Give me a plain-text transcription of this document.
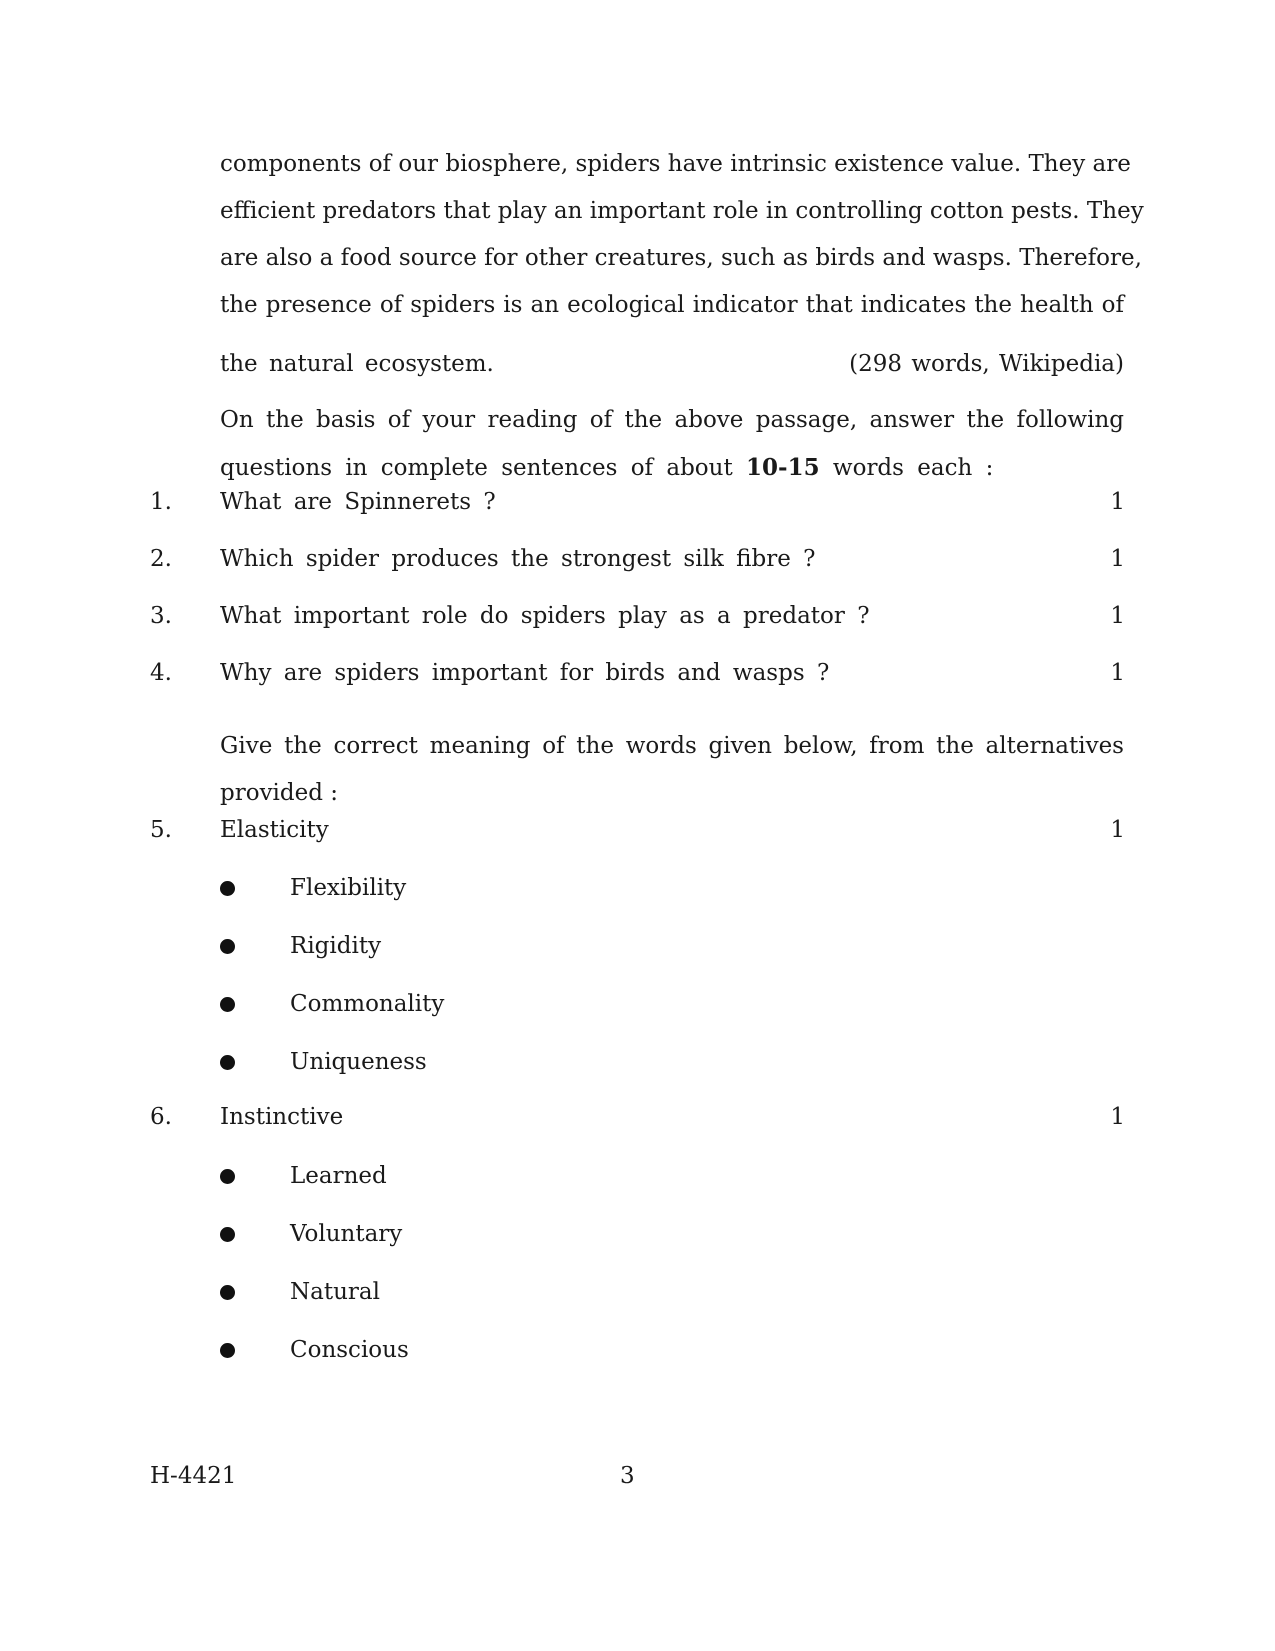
components of our biosphere, spiders have intrinsic existence value. They are
efficient predators that play an important role in controlling cotton pests. They
are also a food source for other creatures, such as birds and wasps. Therefore,
the presence of spiders is an ecological indicator that indicates the health of
the natural ecosystem.	(298 words, Wikipedia)
On the basis of your reading of the above passage, answer the following
questions in complete sentences of about 10-15 words each :
1. What are Spinnerets ?	1
2. Which spider produces the strongest silk fibre ?	1
3. What important role do spiders play as a predator ?	1
4. Why are spiders important for birds and wasps ?	1
Give the correct meaning of the words given below, from the alternatives
provided :
5. Elasticity	1
Flexibility
Rigidity
Commonality
Uniqueness
6. Instinctive	1
Learned
Voluntary
Natural
Conscious
H-4421	3
